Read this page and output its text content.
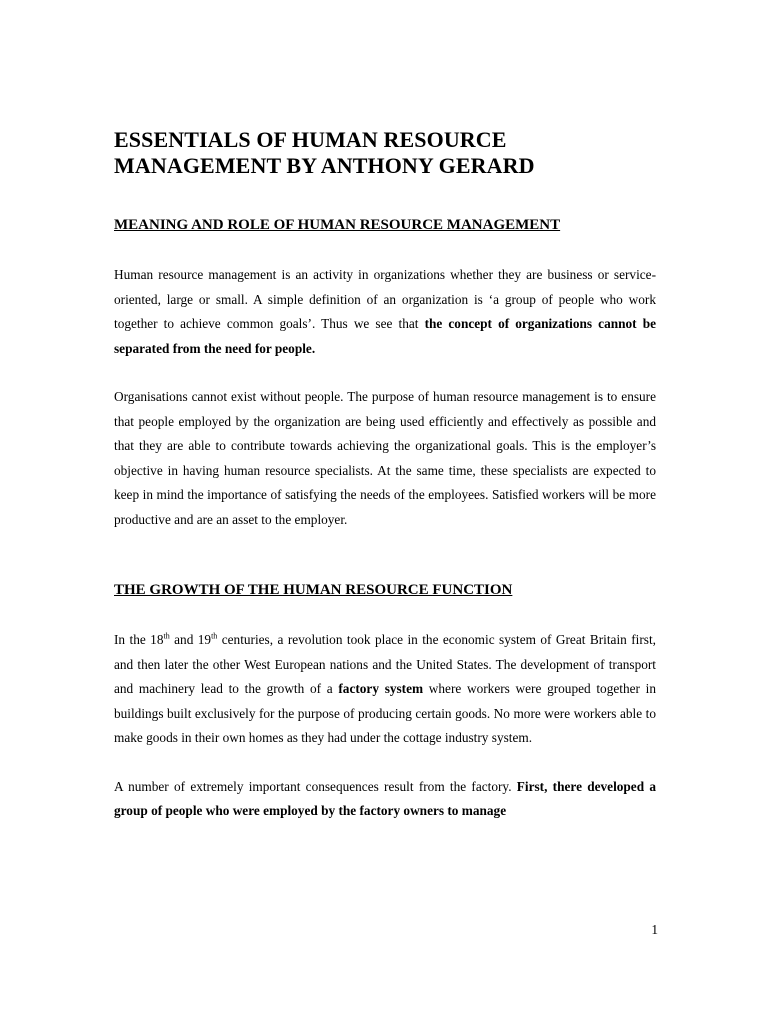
ESSENTIALS OF HUMAN RESOURCE
MANAGEMENT BY ANTHONY GERARD
MEANING AND ROLE OF HUMAN RESOURCE MANAGEMENT

Human resource management is an activity in organizations whether they are business or service-oriented, large or small. A simple definition of an organization is ‘a group of people who work together to achieve common goals’. Thus we see that the concept of organizations cannot be separated from the need for people.

Organisations cannot exist without people. The purpose of human resource management is to ensure that people employed by the organization are being used efficiently and effectively as possible and that they are able to contribute towards achieving the organizational goals. This is the employer’s objective in having human resource specialists. At the same time, these specialists are expected to keep in mind the importance of satisfying the needs of the employees. Satisfied workers will be more productive and are an asset to the employer.

THE GROWTH OF THE HUMAN RESOURCE FUNCTION

In the 18th and 19th centuries, a revolution took place in the economic system of Great Britain first, and then later the other West European nations and the United States. The development of transport and machinery lead to the growth of a factory system where workers were grouped together in buildings built exclusively for the purpose of producing certain goods. No more were workers able to make goods in their own homes as they had under the cottage industry system.

A number of extremely important consequences result from the factory. First, there developed a group of people who were employed by the factory owners to manage

1
